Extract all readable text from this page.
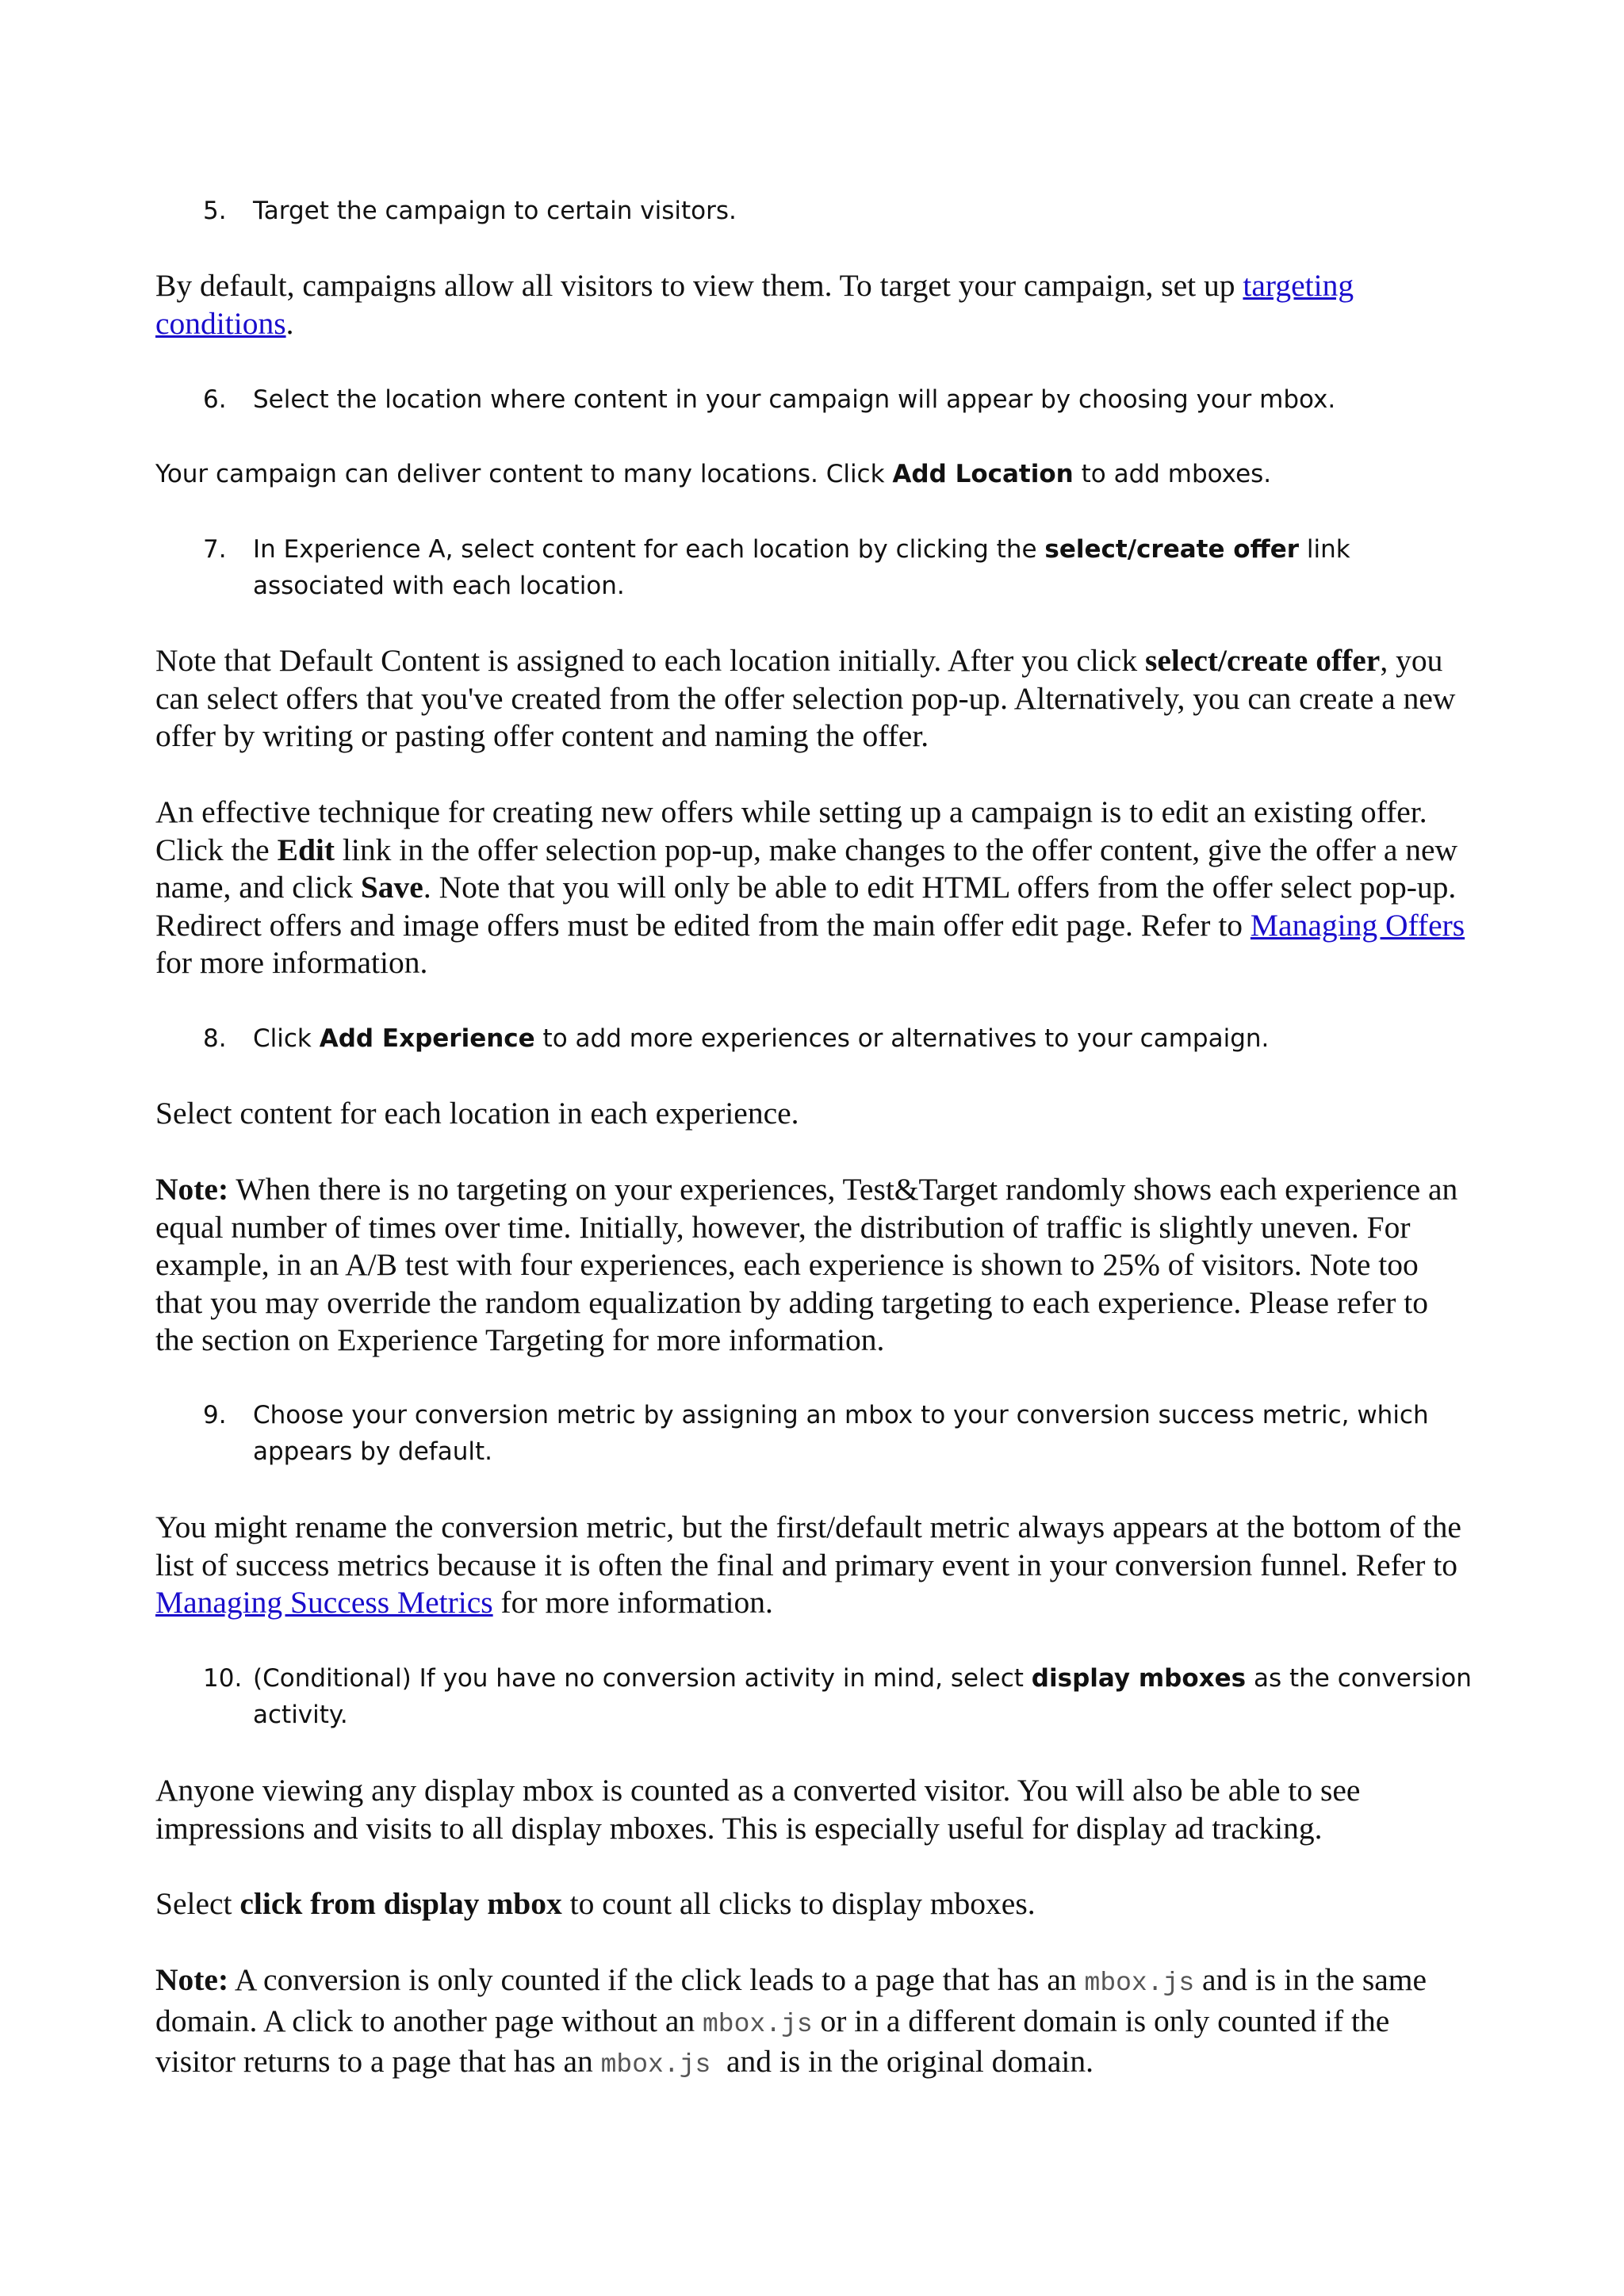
5. Target the campaign to certain visitors.
By default, campaigns allow all visitors to view them. To target your campaign, set up targeting conditions.
6. Select the location where content in your campaign will appear by choosing your mbox.
Your campaign can deliver content to many locations. Click Add Location to add mboxes.
7. In Experience A, select content for each location by clicking the select/create offer link associated with each location.
Note that Default Content is assigned to each location initially. After you click select/create offer, you can select offers that you've created from the offer selection pop-up. Alternatively, you can create a new offer by writing or pasting offer content and naming the offer.
An effective technique for creating new offers while setting up a campaign is to edit an existing offer. Click the Edit link in the offer selection pop-up, make changes to the offer content, give the offer a new name, and click Save. Note that you will only be able to edit HTML offers from the offer select pop-up. Redirect offers and image offers must be edited from the main offer edit page. Refer to Managing Offers for more information.
8. Click Add Experience to add more experiences or alternatives to your campaign.
Select content for each location in each experience.
Note: When there is no targeting on your experiences, Test&Target randomly shows each experience an equal number of times over time. Initially, however, the distribution of traffic is slightly uneven. For example, in an A/B test with four experiences, each experience is shown to 25% of visitors. Note too that you may override the random equalization by adding targeting to each experience. Please refer to the section on Experience Targeting for more information.
9. Choose your conversion metric by assigning an mbox to your conversion success metric, which appears by default.
You might rename the conversion metric, but the first/default metric always appears at the bottom of the list of success metrics because it is often the final and primary event in your conversion funnel. Refer to Managing Success Metrics for more information.
10. (Conditional) If you have no conversion activity in mind, select display mboxes as the conversion activity.
Anyone viewing any display mbox is counted as a converted visitor. You will also be able to see impressions and visits to all display mboxes. This is especially useful for display ad tracking.
Select click from display mbox to count all clicks to display mboxes.
Note: A conversion is only counted if the click leads to a page that has an mbox.js and is in the same domain. A click to another page without an mbox.js or in a different domain is only counted if the visitor returns to a page that has an mbox.js  and is in the original domain.
